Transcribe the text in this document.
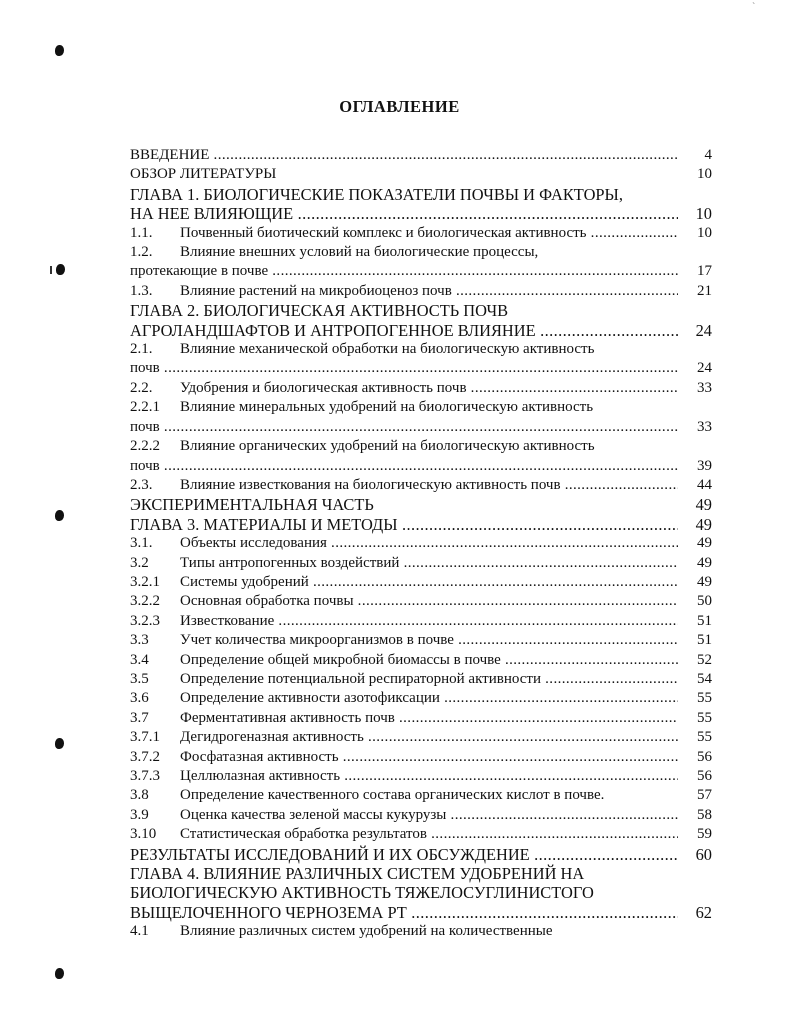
`
ОГЛАВЛЕНИЕ
ВВЕДЕНИЕ .....	4
ОБЗОР ЛИТЕРАТУРЫ	10
ГЛАВА 1. БИОЛОГИЧЕСКИЕ ПОКАЗАТЕЛИ ПОЧВЫ И ФАКТОРЫ,
НА НЕЕ ВЛИЯЮЩИЕ .....	10
1.1.	Почвенный биотический комплекс и биологическая активность .....	10
1.2.	Влияние внешних условий на биологические процессы,
протекающие в почве .....	17
1.3.	Влияние растений на микробиоценоз почв .....	21
ГЛАВА 2. БИОЛОГИЧЕСКАЯ АКТИВНОСТЬ ПОЧВ
АГРОЛАНДШАФТОВ И АНТРОПОГЕННОЕ ВЛИЯНИЕ .....	24
2.1.	Влияние механической обработки на биологическую активность
почв .....	24
2.2.	Удобрения и биологическая активность почв .....	33
2.2.1	Влияние минеральных удобрений на биологическую активность
почв .....	33
2.2.2	Влияние органических удобрений на биологическую активность
почв .....	39
2.3.	Влияние известкования на биологическую активность почв .....	44
ЭКСПЕРИМЕНТАЛЬНАЯ ЧАСТЬ	49
ГЛАВА 3. МАТЕРИАЛЫ И МЕТОДЫ .....	49
3.1.	Объекты исследования .....	49
3.2	Типы антропогенных воздействий .....	49
3.2.1	Системы удобрений .....	49
3.2.2	Основная обработка почвы .....	50
3.2.3	Известкование .....	51
3.3	Учет количества микроорганизмов в почве .....	51
3.4	Определение общей микробной биомассы в почве .....	52
3.5	Определение потенциальной респираторной активности .....	54
3.6	Определение активности азотофиксации .....	55
3.7	Ферментативная активность почв .....	55
3.7.1	Дегидрогеназная активность .....	55
3.7.2	Фосфатазная активность .....	56
3.7.3	Целлюлазная активность .....	56
3.8	Определение качественного состава органических кислот в почве.	57
3.9	Оценка качества зеленой массы кукурузы .....	58
3.10	Статистическая обработка результатов .....	59
РЕЗУЛЬТАТЫ ИССЛЕДОВАНИЙ И ИХ ОБСУЖДЕНИЕ .....	60
ГЛАВА 4. ВЛИЯНИЕ РАЗЛИЧНЫХ СИСТЕМ УДОБРЕНИЙ НА
БИОЛОГИЧЕСКУЮ АКТИВНОСТЬ ТЯЖЕЛОСУГЛИНИСТОГО
ВЫЩЕЛОЧЕННОГО ЧЕРНОЗЕМА РТ .....	62
4.1	Влияние различных систем удобрений на количественные
